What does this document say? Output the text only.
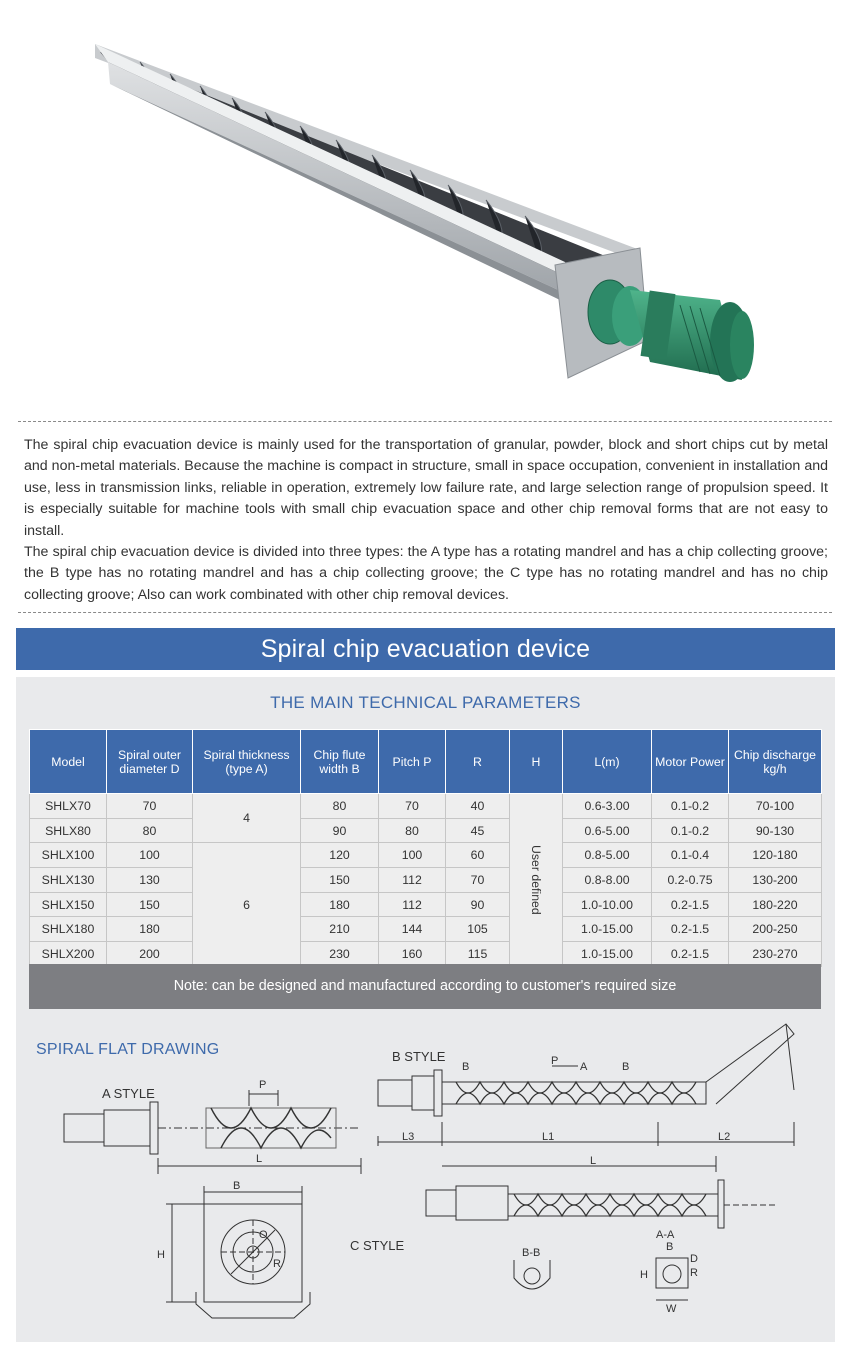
The spiral chip evacuation device is mainly used for the transportation of granular, powder, block and short chips cut by metal and non-metal materials. Because the machine is compact in structure, small in space occupation, convenient in installation and use, less in transmission links, reliable in operation, extremely low failure rate, and large selection range of propulsion speed. It is especially suitable for machine tools with small chip evacuation space and other chip removal forms that are not easy to install.

The spiral chip evacuation device is divided into three types: the A type has a rotating mandrel and has a chip collecting groove; the B type has no rotating mandrel and has a chip collecting groove; the C type has no rotating mandrel and has no chip collecting groove; Also can work combinated with other chip removal devices.

Spiral chip evacuation device
THE MAIN TECHNICAL PARAMETERS
Model	Spiral outer diameter D	Spiral thickness (type A)	Chip flute width B	Pitch P	R	H	L(m)	Motor Power	Chip discharge kg/h
SHLX70	70	4	80	70	40	User defined	0.6-3.00	0.1-0.2	70-100
SHLX80	80		90	80	45		0.6-5.00	0.1-0.2	90-130
SHLX100	100	6	120	100	60		0.8-5.00	0.1-0.4	120-180
SHLX130	130		150	112	70		0.8-8.00	0.2-0.75	130-200
SHLX150	150		180	112	90		1.0-10.00	0.2-1.5	180-220
SHLX180	180		210	144	105		1.0-15.00	0.2-1.5	200-250
SHLX200	200		230	160	115		1.0-15.00	0.2-1.5	230-270
Note: can be designed and manufactured according to customer's required size
SPIRAL FLAT DRAWING
A STYLE
B STYLE
C STYLE
P
L
B
H
O
R
P A	B
B
L3	L1	L2
L
B-B
A-A
B
D
R
H
W
